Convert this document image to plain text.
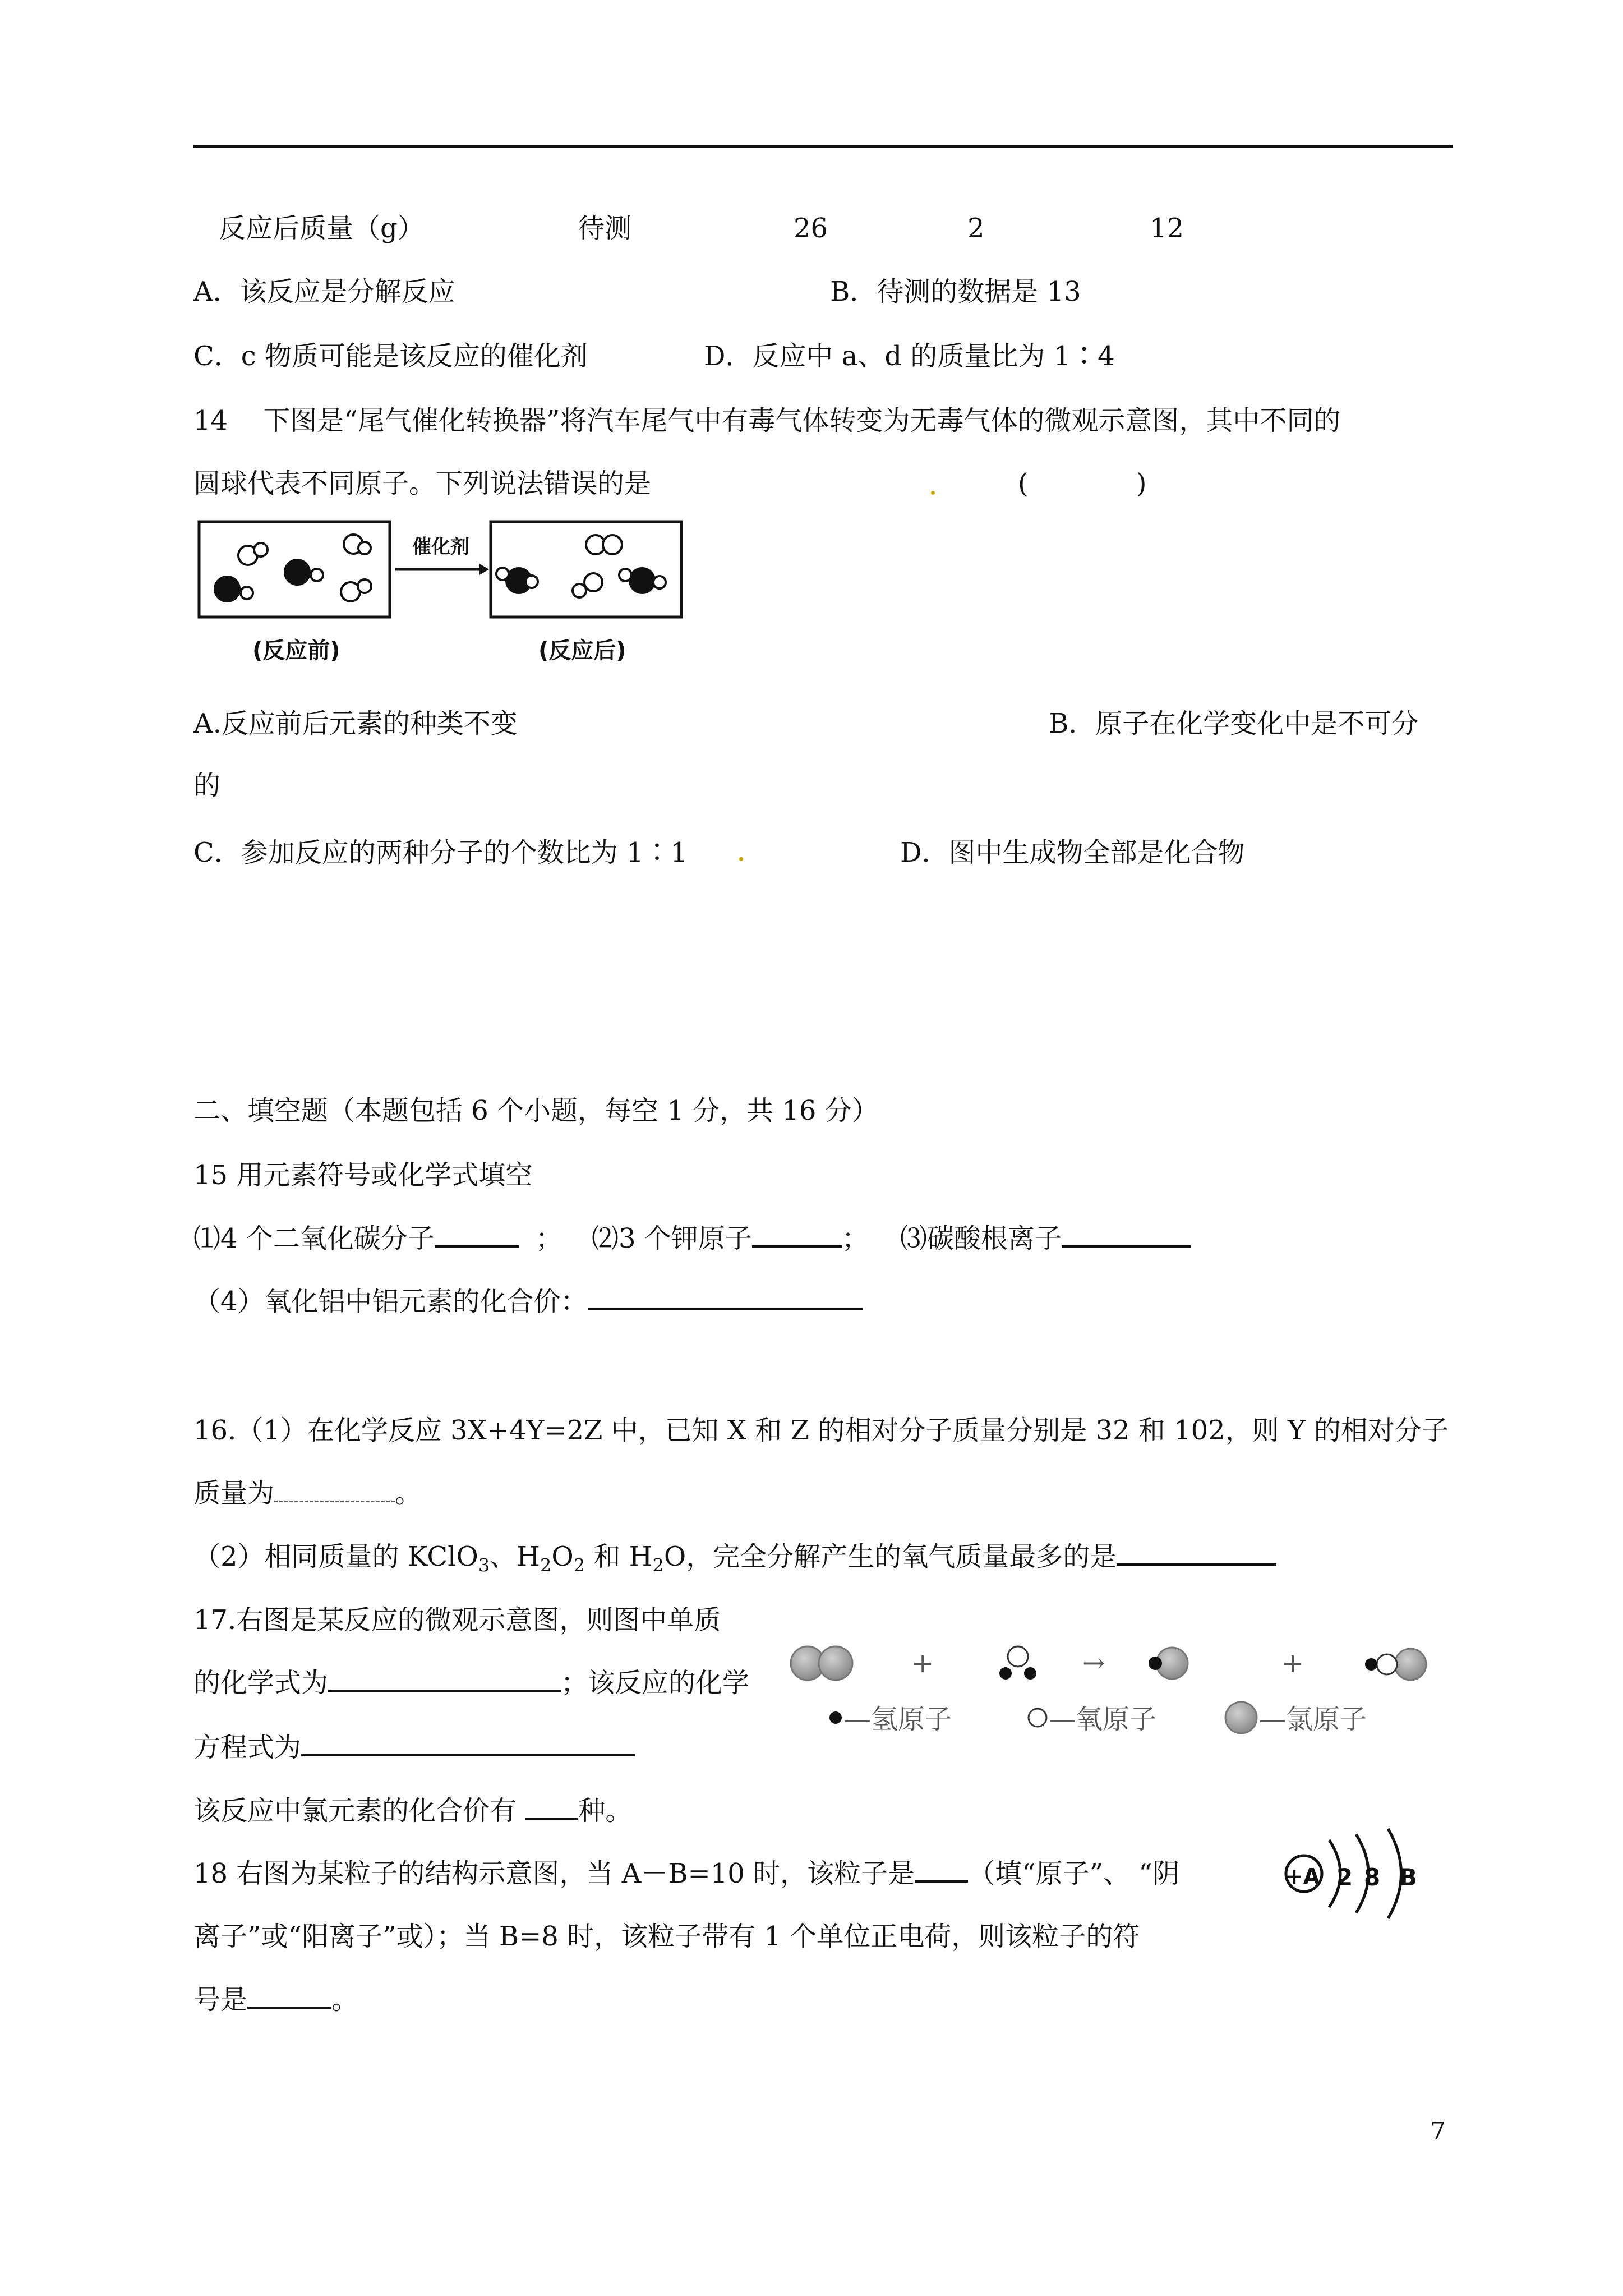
反应后质量（g）	待测	26	2	12
A．该反应是分解反应	B．待测的数据是 13
C．c 物质可能是该反应的催化剂	D．反应中 a、d 的质量比为 1∶4
14　 下图是“尾气催化转换器”将汽车尾气中有毒气体转变为无毒气体的微观示意图，其中不同的
圆球代表不同原子。下列说法错误的是	(　　　　)
催化剂
(反应前)	(反应后)
A.反应前后元素的种类不变	B．原子在化学变化中是不可分
的
C．参加反应的两种分子的个数比为 1∶1	D．图中生成物全部是化合物
二、填空题（本题包括 6 个小题，每空 1 分，共 16 分）
15 用元素符号或化学式填空
⑴4 个二氧化碳分子	； ⑵3 个钾原子	； ⑶碳酸根离子
（4）氧化铝中铝元素的化合价：
16.（1）在化学反应 3X+4Y=2Z 中，已知 X 和 Z 的相对分子质量分别是 32 和 102，则 Y 的相对分子
质量为	。
（2）相同质量的 KClO$_3$、$H_2O_2$ 和 $H_2O$，完全分解产生的氧气质量最多的是
17.右图是某反应的微观示意图，则图中单质
的化学式为	；该反应的化学
方程式为
该反应中氯元素的化合价有 种。
+	→	+
—氢原子	—氧原子	—氯原子
18 右图为某粒子的结构示意图，当 A－B=10 时，该粒子是 （填“原子”、 “阴
离子”或“阳离子”或）；当 B=8 时，该粒子带有 1 个单位正电荷，则该粒子的符
号是	。
+A 2 8 B
7
